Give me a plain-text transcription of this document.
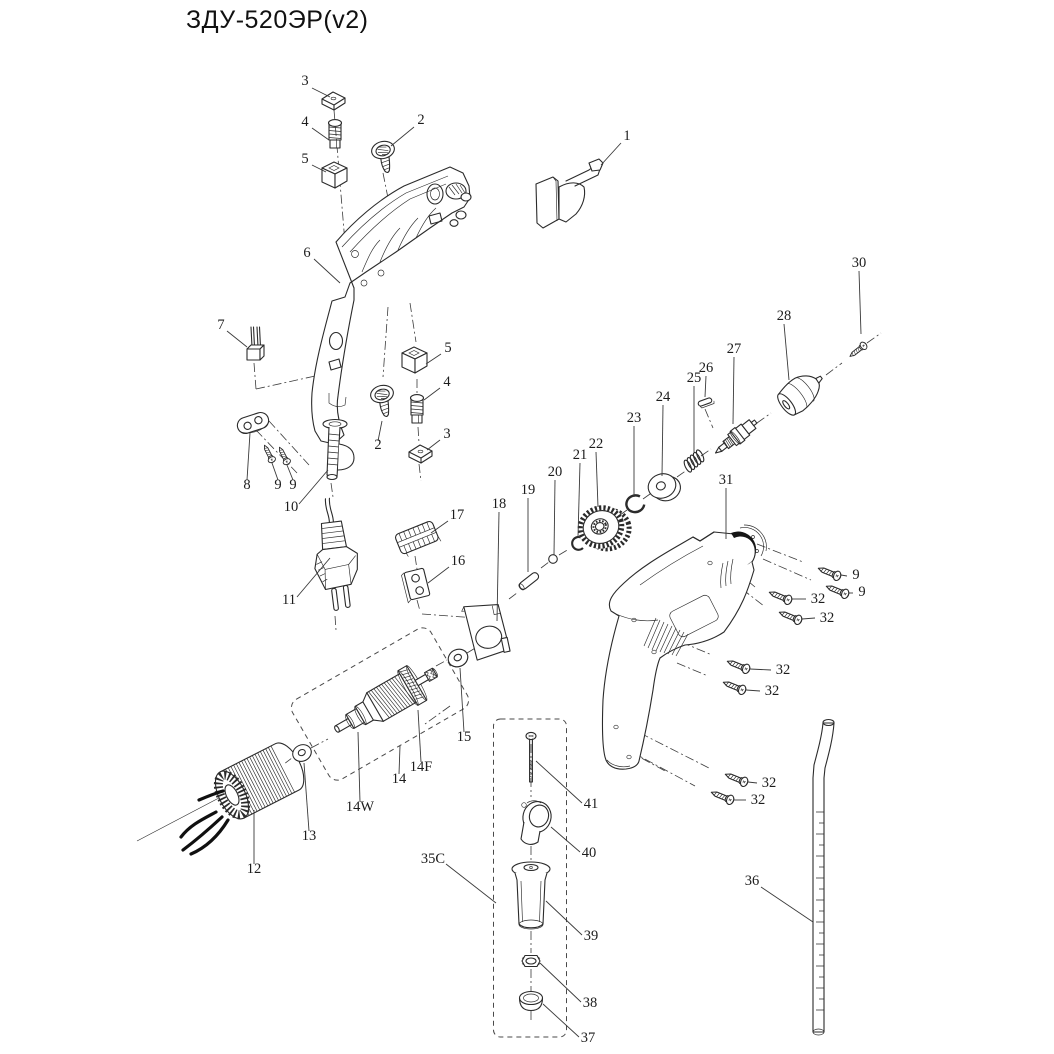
ЗДУ-520ЭР(v2)
3
4	2
5
1
6
30
28
27
26
25
24
23
22
21
20
19
18
7
5
4
3
2
8 9 9
10	17
16
11
31
9
9
32
32
32
32
32
32
15
14F
14
14W
13
12
35C
36
41
40
39
38
37
